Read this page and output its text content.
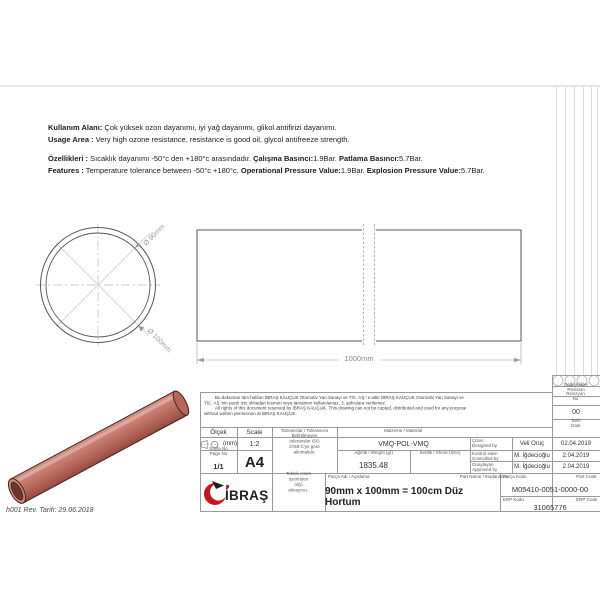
Ø 90mm
Ø 100mm
1000mm
Kullanım Alanı: Çok yüksek ozon dayanımı, iyi yağ dayanımı, glikol antifirizi dayanımı.
Usage Area : Very high ozone resistance, resistance is good oil, glycol antifreeze strength.
Özellikleri : Sıcaklık dayanımı -50°c den +180°c arasındadır. Çalışma Basıncı:1.9Bar. Patlama Basıncı:5.7Bar.
Features : Temperature tolerance between -50°c +180°c. Operational Pressure Value:1.9Bar. Explosion Pressure Value:5.7Bar.

Bu doküman tüm hakları İBRAŞ KAUÇUK Otomotiv Yan Sanayi ve TİC. AŞ.' e aittir İBRAŞ KAUÇUK Otomotiv Yan Sanayi ve TİC. AŞ.'nin yazılı izni olmadan kısmen veya tamamen kullanılamaz, 3. şahıslara verilemez.

All rights of this document reserved by İBRAŞ KAUÇUK. This drawing can not be copied, distributed and used for any purpose without written permission at İBRAŞ KAUÇUK.

Ölçek	Scale	Toleranslar / Tolerances	Malzeme / Material
(mm)	1:2	VMQ-POL-VMQ
Belirtilmeyen toleranslar ISO 2768-C'ye göre alınmalıdır.
Sayfa No
Page No
1/1	A4
Ağırlık / Weight (gr)
1835.48
Sertlik / Shore (ShA)
Çizen
Designed by	Veli Oruç	02.04.2019
Kontrol eden
Controlled by	M. İğdecioğlu	2.04.2019
Onaylayan
Approved by	M. İğdecioğlu	2.04.2019
Değişiklikler
Revision
Revizyon
No
00
Tarih
Date
İBRAŞ
Teknik resim üzerinden ölçü almayınız.
Parça Adı / Açıklama	Part Name / Explanation
90mm x 100mm = 100cm Düz Hortum
Parça Kodu	Part Code
M05410-0051-0000-00
ERP Kodu	ERP Code
31065776
h001 Rev. Tarih: 29.06.2018
